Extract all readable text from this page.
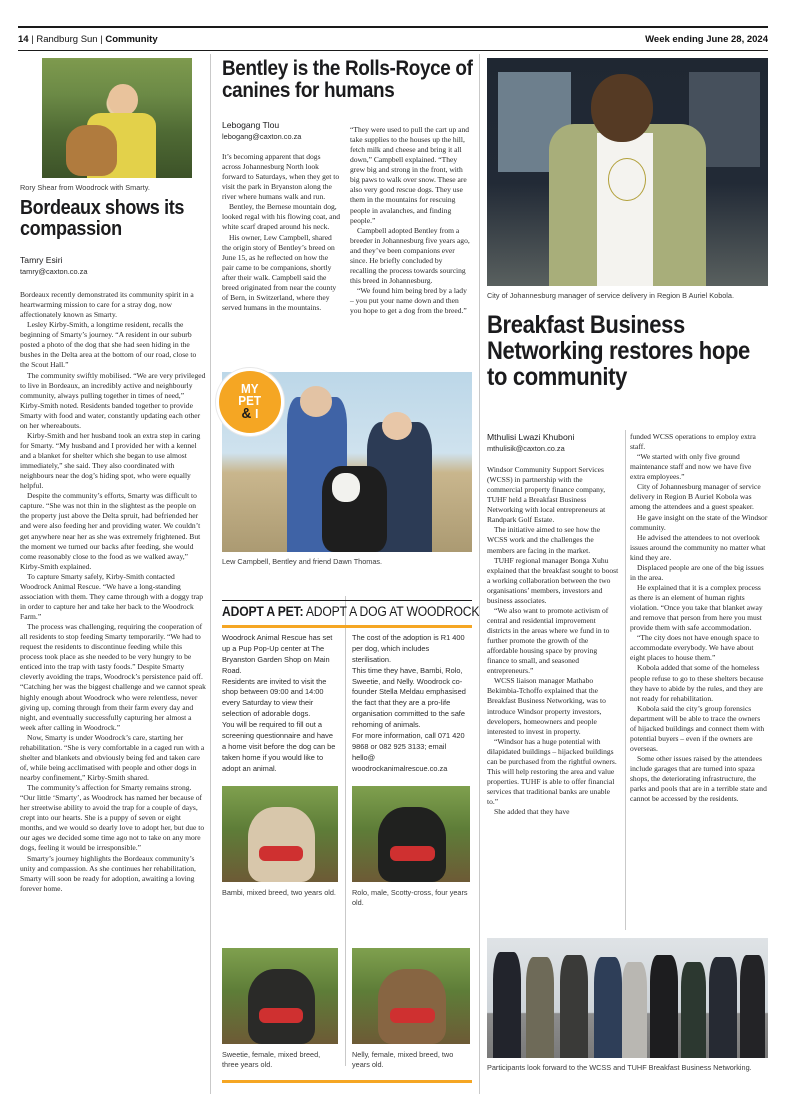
14 | Randburg Sun | Community	Week ending June 28, 2024
Rory Shear from Woodrock with Smarty.
Bordeaux shows its compassion
Tamry Esiri
tamry@caxton.co.za

Bordeaux recently demonstrated its community spirit in a heartwarming mission to care for a stray dog, now affectionately known as Smarty.

Lesley Kirby-Smith, a longtime resident, recalls the beginning of Smarty’s journey. “A resident in our suburb posted a photo of the dog that she had seen hiding in the bushes in the Delta area at the bottom of our road, close to the Scout Hall.”

The community swiftly mobilised. “We are very privileged to live in Bordeaux, an incredibly active and neighbourly community, always pulling together in times of need,” Kirby-Smith noted. Residents banded together to provide Smarty with food and water, constantly updating each other on her whereabouts.

Kirby-Smith and her husband took an extra step in caring for Smarty. “My husband and I provided her with a kennel and a blanket for shelter which she began to use almost immediately,” she said. They also coordinated with neighbours near the dog’s hiding spot, who were equally helpful.

Despite the community’s efforts, Smarty was difficult to capture. “She was not thin in the slightest as the people on the property just above the Delta spruit, had befriended her and were also feeding her and providing water. We couldn’t get anywhere near her as she was extremely frightened. But the moment we turned our backs after feeding, she would come reasonably close to the food as we walked away,” Kirby-Smith explained.

To capture Smarty safely, Kirby-Smith contacted Woodrock Animal Rescue. “We have a long-standing association with them. They came through with a doggy trap in order to capture her and take her back to the Woodrock Farm.”

The process was challenging, requiring the cooperation of all residents to stop feeding Smarty temporarily. “We had to request the residents to discontinue feeding while this process took place as she needed to be very hungry to be enticed into the trap with tasty foods.” Despite Smarty cleverly avoiding the traps, Woodrock’s persistence paid off. “Catching her was the biggest challenge and we cannot speak highly enough about Woodrock who were relentless, never giving up, coming through from their farm every day and night, and eventually successfully capturing her almost a week after calling in Woodrock.”

Now, Smarty is under Woodrock’s care, starting her rehabilitation. “She is very comfortable in a caged run with a shelter and blankets and obviously being fed and taken care of, while being acclimatised with people and other dogs in nearby confinement,” Kirby-Smith shared.

The community’s affection for Smarty remains strong. “Our little ‘Smarty’, as Woodrock has named her because of her streetwise ability to avoid the trap for a couple of days, crept into our hearts. She is a puppy of seven or eight months, and we would so dearly love to adopt her, but due to our ages we decided some time ago not to take on any more dogs, feeling it would be irresponsible.”

Smarty’s journey highlights the Bordeaux community’s unity and compassion. As she continues her rehabilitation, Smarty will soon be ready for adoption, awaiting a loving forever home.

Bentley is the Rolls-Royce of canines for humans
Lebogang Tlou
lebogang@caxton.co.za

It’s becoming apparent that dogs across Johannesburg North look forward to Saturdays, when they get to visit the park in Bryanston along the river where humans walk and run.

Bentley, the Bernese mountain dog, looked regal with his flowing coat, and white scarf draped around his neck.

His owner, Lew Campbell, shared the origin story of Bentley’s breed on June 15, as he reflected on how the pair came to be companions, shortly after their walk. Campbell said the breed originated from near the county of Bern, in Switzerland, where they served humans in the mountains.

“They were used to pull the cart up and take supplies to the houses up the hill, fetch milk and cheese and bring it all down,” Campbell explained. “They grew big and strong in the front, with big paws to walk over snow. These are also very good rescue dogs. They use them in the mountains for rescuing people in avalanches, and finding people.”

Campbell adopted Bentley from a breeder in Johannesburg five years ago, and they’ve been companions ever since. He briefly concluded by recalling the process towards sourcing this breed in Johannesburg.

“We found him being bred by a lady – you put your name down and then you hope to get a dog from the breed.”

MY
PET
& I
Lew Campbell, Bentley and friend Dawn Thomas.
ADOPT A PET: ADOPT A DOG AT WOODROCK

Woodrock Animal Rescue has set up a Pup Pop-Up center at The Bryanston Garden Shop on Main Road.

Residents are invited to visit the shop between 09:00 and 14:00 every Saturday to view their selection of adorable dogs.

You will be required to fill out a screening questionnaire and have a home visit before the dog can be taken home if you would like to adopt an animal.

The cost of the adoption is R1 400 per dog, which includes sterilisation.

This time they have, Bambi, Rolo, Sweetie, and Nelly. Woodrock co-founder Stella Meldau emphasised the fact that they are a pro-life organisation committed to the safe rehoming of animals.

For more information, call 071 420 9868 or 082 925 3133; email hello@ woodrockanimalrescue.co.za

Bambi, mixed breed, two years old. Rolo, male, Scotty-cross, four years old.
Sweetie, female, mixed breed, three years old.
Nelly, female, mixed breed, two years old.
City of Johannesburg manager of service delivery in Region B Auriel Kobola.
Breakfast Business Networking restores hope to community
Mthulisi Lwazi Khuboni
mthulisik@caxton.co.za

Windsor Community Support Services (WCSS) in partnership with the commercial property finance company, TUHF held a Breakfast Business Networking with local entrepreneurs at Randpark Golf Estate.

The initiative aimed to see how the WCSS work and the challenges the members are facing in the market.

TUHF regional manager Bonga Xuhu explained that the breakfast sought to boost a working collaboration between the two organisations’ members, investors and business associates.

“We also want to promote activism of central and residential improvement districts in the areas where we fund in to further promote the growth of the affordable housing space by proving finance to small, and seasoned entrepreneurs.”

WCSS liaison manager Mathabo Bekimbia-Tchoffo explained that the Breakfast Business Networking, was to introduce Windsor property investors, developers, homeowners and people interested to invest in property.

“Windsor has a huge potential with dilapidated buildings – hijacked buildings can be purchased from the rightful owners. This will help restoring the area and value properties. TUHF is able to offer financial services that traditional banks are unable to.”

She added that they have

funded WCSS operations to employ extra staff.

“We started with only five ground maintenance staff and now we have five extra employees.”

City of Johannesburg manager of service delivery in Region B Auriel Kobola was among the attendees and a guest speaker.

He gave insight on the state of the Windsor community.

He advised the attendees to not overlook issues around the community no matter what kind they are.

Displaced people are one of the big issues in the area.

He explained that it is a complex process as there is an element of human rights violation. “Once you take that blanket away and remove that person from here you must provide them with safe accommodation.

“The city does not have enough space to accommodate everybody. We have about eight places to house them.”

Kobola added that some of the homeless people refuse to go to these shelters because they have to abide by the rules, and they are not ready for rehabilitation.

Kobola said the city’s group forensics department will be able to trace the owners of hijacked buildings and connect them with potential buyers – even if the owners are overseas.

Some other issues raised by the attendees include garages that are turned into spaza shops, the deteriorating infrastructure, the parks and pools that are in a terrible state and cannot be accessed by the residents.

Participants look forward to the WCSS and TUHF Breakfast Business Networking.
